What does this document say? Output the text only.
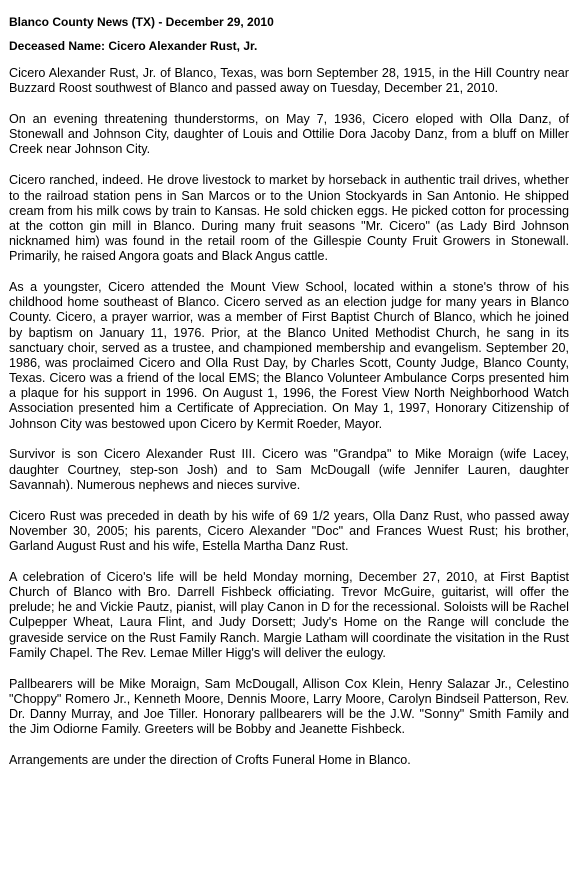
Blanco County News (TX) - December 29, 2010
Deceased Name: Cicero Alexander Rust, Jr.

Cicero Alexander Rust, Jr. of Blanco, Texas, was born September 28, 1915, in the Hill Country near Buzzard Roost southwest of Blanco and passed away on Tuesday, December 21, 2010.

On an evening threatening thunderstorms, on May 7, 1936, Cicero eloped with Olla Danz, of Stonewall and Johnson City, daughter of Louis and Ottilie Dora Jacoby Danz, from a bluff on Miller Creek near Johnson City.

Cicero ranched, indeed. He drove livestock to market by horseback in authentic trail drives, whether to the railroad station pens in San Marcos or to the Union Stockyards in San Antonio. He shipped cream from his milk cows by train to Kansas. He sold chicken eggs. He picked cotton for processing at the cotton gin mill in Blanco. During many fruit seasons "Mr. Cicero" (as Lady Bird Johnson nicknamed him) was found in the retail room of the Gillespie County Fruit Growers in Stonewall. Primarily, he raised Angora goats and Black Angus cattle.

As a youngster, Cicero attended the Mount View School, located within a stone's throw of his childhood home southeast of Blanco. Cicero served as an election judge for many years in Blanco County. Cicero, a prayer warrior, was a member of First Baptist Church of Blanco, which he joined by baptism on January 11, 1976. Prior, at the Blanco United Methodist Church, he sang in its sanctuary choir, served as a trustee, and championed membership and evangelism. September 20, 1986, was proclaimed Cicero and Olla Rust Day, by Charles Scott, County Judge, Blanco County, Texas. Cicero was a friend of the local EMS; the Blanco Volunteer Ambulance Corps presented him a plaque for his support in 1996. On August 1, 1996, the Forest View North Neighborhood Watch Association presented him a Certificate of Appreciation. On May 1, 1997, Honorary Citizenship of Johnson City was bestowed upon Cicero by Kermit Roeder, Mayor.

Survivor is son Cicero Alexander Rust III. Cicero was "Grandpa" to Mike Moraign (wife Lacey, daughter Courtney, step-son Josh) and to Sam McDougall (wife Jennifer Lauren, daughter Savannah). Numerous nephews and nieces survive.

Cicero Rust was preceded in death by his wife of 69 1/2 years, Olla Danz Rust, who passed away November 30, 2005; his parents, Cicero Alexander "Doc" and Frances Wuest Rust; his brother, Garland August Rust and his wife, Estella Martha Danz Rust.

A celebration of Cicero's life will be held Monday morning, December 27, 2010, at First Baptist Church of Blanco with Bro. Darrell Fishbeck officiating. Trevor McGuire, guitarist, will offer the prelude; he and Vickie Pautz, pianist, will play Canon in D for the recessional. Soloists will be Rachel Culpepper Wheat, Laura Flint, and Judy Dorsett; Judy's Home on the Range will conclude the graveside service on the Rust Family Ranch. Margie Latham will coordinate the visitation in the Rust Family Chapel. The Rev. Lemae Miller Higg's will deliver the eulogy.

Pallbearers will be Mike Moraign, Sam McDougall, Allison Cox Klein, Henry Salazar Jr., Celestino "Choppy" Romero Jr., Kenneth Moore, Dennis Moore, Larry Moore, Carolyn Bindseil Patterson, Rev. Dr. Danny Murray, and Joe Tiller. Honorary pallbearers will be the J.W. "Sonny" Smith Family and the Jim Odiorne Family. Greeters will be Bobby and Jeanette Fishbeck.

Arrangements are under the direction of Crofts Funeral Home in Blanco.
